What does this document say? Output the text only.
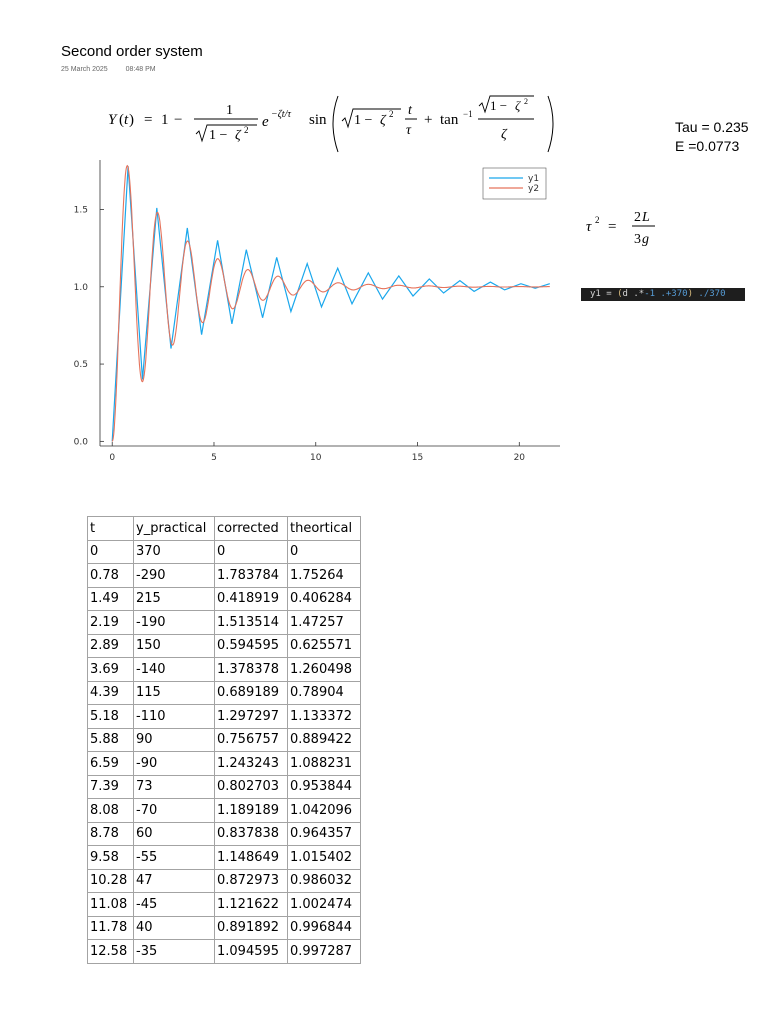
Second order system
25 March 2025	08:48 PM
Y ( t ) = 1 −
1
1 − ζ 2 e −ζt/τ sin 1 − ζ 2 t
τ
+ tan −1
1 − ζ 2
ζ	Tau = 0.235
E =0.0773
τ 2 =
2 L
3 g
y1 = (d .*-1 .+370) ./370
0	5	10	15	20
0.0
0.5
1.0
1.5
y1
y2
t	y_practical	corrected	theortical
0	370	0	0
0.78	-290	1.783784	1.75264
1.49	215	0.418919	0.406284
2.19	-190	1.513514	1.47257
2.89	150	0.594595	0.625571
3.69	-140	1.378378	1.260498
4.39	115	0.689189	0.78904
5.18	-110	1.297297	1.133372
5.88	90	0.756757	0.889422
6.59	-90	1.243243	1.088231
7.39	73	0.802703	0.953844
8.08	-70	1.189189	1.042096
8.78	60	0.837838	0.964357
9.58	-55	1.148649	1.015402
10.28	47	0.872973	0.986032
11.08	-45	1.121622	1.002474
11.78	40	0.891892	0.996844
12.58	-35	1.094595	0.997287
